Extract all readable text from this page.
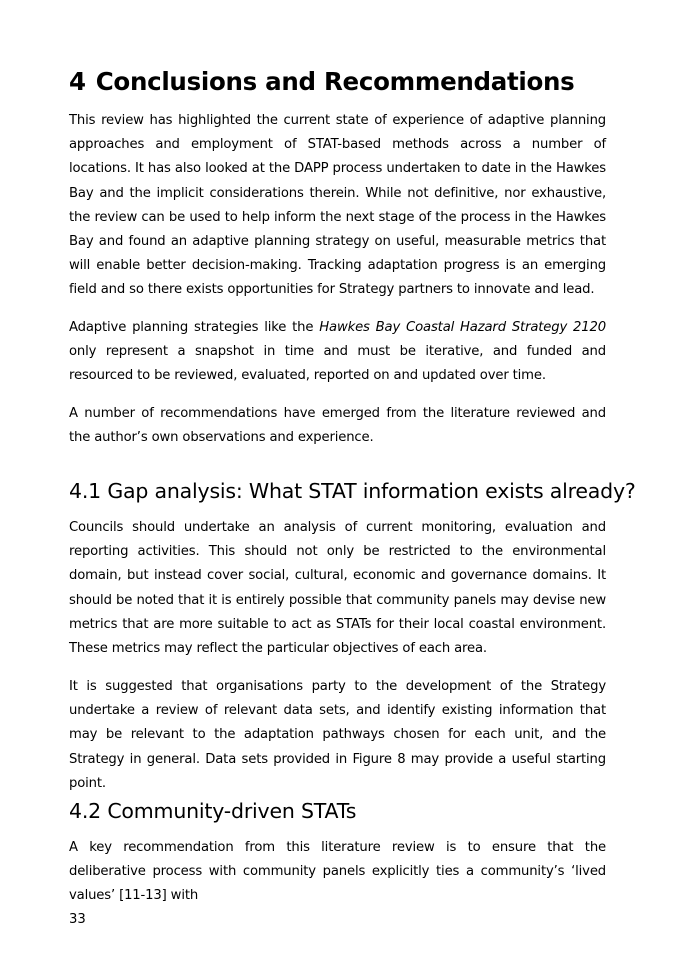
4 Conclusions and Recommendations

This review has highlighted the current state of experience of adaptive planning approaches and employment of STAT-based methods across a number of locations. It has also looked at the DAPP process undertaken to date in the Hawkes Bay and the implicit considerations therein. While not definitive, nor exhaustive, the review can be used to help inform the next stage of the process in the Hawkes Bay and found an adaptive planning strategy on useful, measurable metrics that will enable better decision-making. Tracking adaptation progress is an emerging field and so there exists opportunities for Strategy partners to innovate and lead.

Adaptive planning strategies like the Hawkes Bay Coastal Hazard Strategy 2120 only represent a snapshot in time and must be iterative, and funded and resourced to be reviewed, evaluated, reported on and updated over time.

A number of recommendations have emerged from the literature reviewed and the author’s own observations and experience.

4.1 Gap analysis: What STAT information exists already?

Councils should undertake an analysis of current monitoring, evaluation and reporting activities. This should not only be restricted to the environmental domain, but instead cover social, cultural, economic and governance domains. It should be noted that it is entirely possible that community panels may devise new metrics that are more suitable to act as STATs for their local coastal environment. These metrics may reflect the particular objectives of each area.

It is suggested that organisations party to the development of the Strategy undertake a review of relevant data sets, and identify existing information that may be relevant to the adaptation pathways chosen for each unit, and the Strategy in general. Data sets provided in Figure 8 may provide a useful starting point.

4.2 Community-driven STATs

A key recommendation from this literature review is to ensure that the deliberative process with community panels explicitly ties a community’s ‘lived values’ [11-13] with

33
